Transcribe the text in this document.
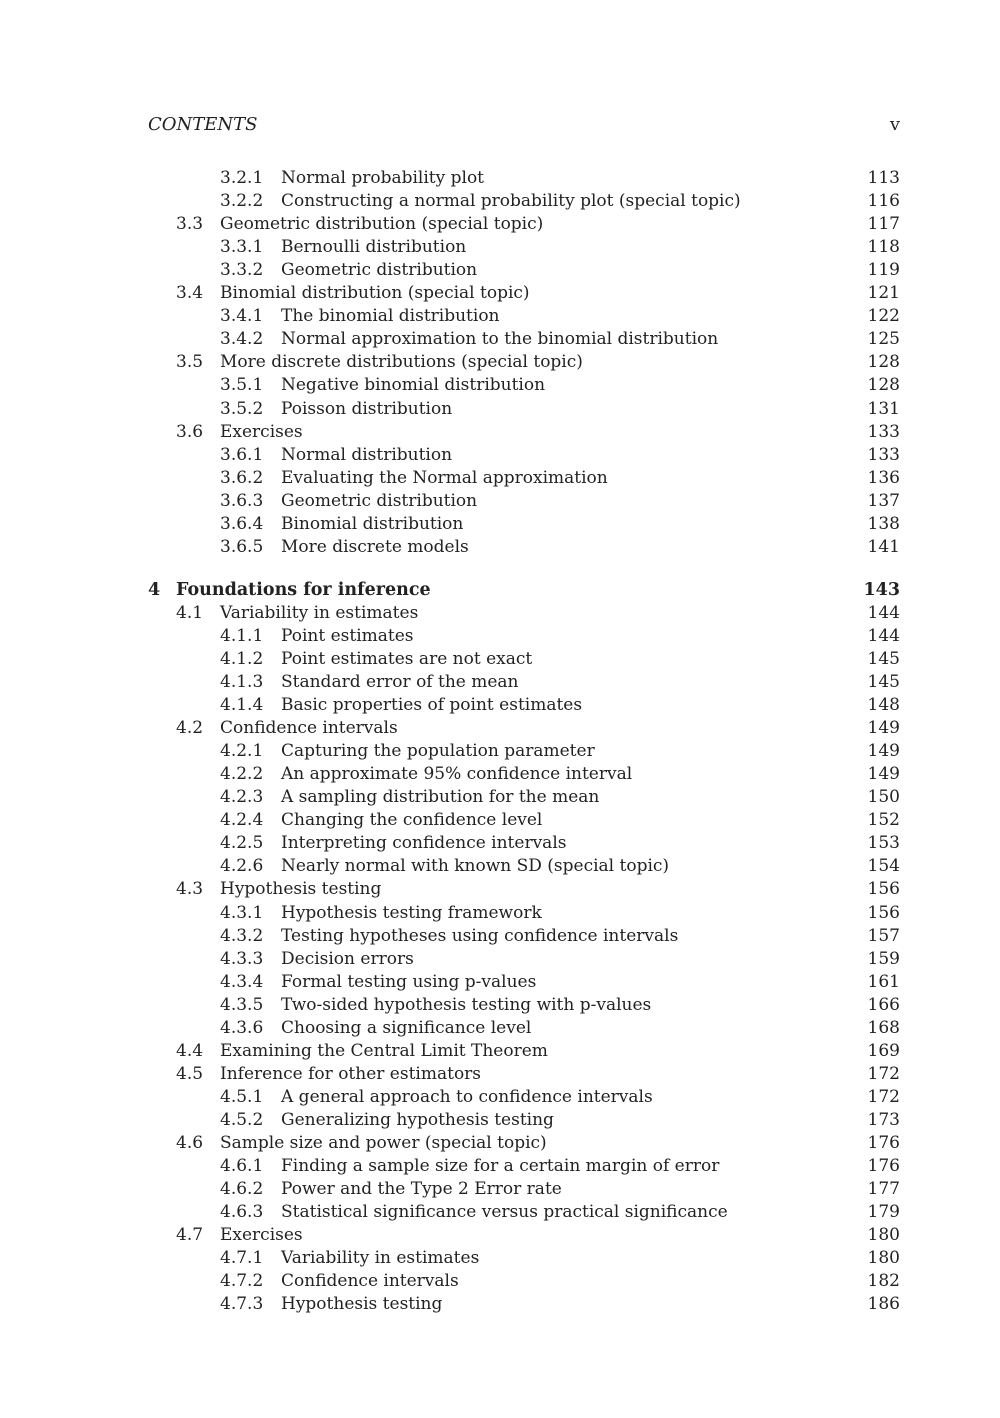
CONTENTS	v
3.2.1 Normal probability plot	113
3.2.2 Constructing a normal probability plot (special topic)	116
3.3 Geometric distribution (special topic)	117
3.3.1 Bernoulli distribution	118
3.3.2 Geometric distribution	119
3.4 Binomial distribution (special topic)	121
3.4.1 The binomial distribution	122
3.4.2 Normal approximation to the binomial distribution	125
3.5 More discrete distributions (special topic)	128
3.5.1 Negative binomial distribution	128
3.5.2 Poisson distribution	131
3.6 Exercises	133
3.6.1 Normal distribution	133
3.6.2 Evaluating the Normal approximation	136
3.6.3 Geometric distribution	137
3.6.4 Binomial distribution	138
3.6.5 More discrete models	141
4 Foundations for inference	143
4.1 Variability in estimates	144
4.1.1 Point estimates	144
4.1.2 Point estimates are not exact	145
4.1.3 Standard error of the mean	145
4.1.4 Basic properties of point estimates	148
4.2 Confidence intervals	149
4.2.1 Capturing the population parameter	149
4.2.2 An approximate 95% confidence interval	149
4.2.3 A sampling distribution for the mean	150
4.2.4 Changing the confidence level	152
4.2.5 Interpreting confidence intervals	153
4.2.6 Nearly normal with known SD (special topic)	154
4.3 Hypothesis testing	156
4.3.1 Hypothesis testing framework	156
4.3.2 Testing hypotheses using confidence intervals	157
4.3.3 Decision errors	159
4.3.4 Formal testing using p-values	161
4.3.5 Two-sided hypothesis testing with p-values	166
4.3.6 Choosing a significance level	168
4.4 Examining the Central Limit Theorem	169
4.5 Inference for other estimators	172
4.5.1 A general approach to confidence intervals	172
4.5.2 Generalizing hypothesis testing	173
4.6 Sample size and power (special topic)	176
4.6.1 Finding a sample size for a certain margin of error	176
4.6.2 Power and the Type 2 Error rate	177
4.6.3 Statistical significance versus practical significance	179
4.7 Exercises	180
4.7.1 Variability in estimates	180
4.7.2 Confidence intervals	182
4.7.3 Hypothesis testing	186
